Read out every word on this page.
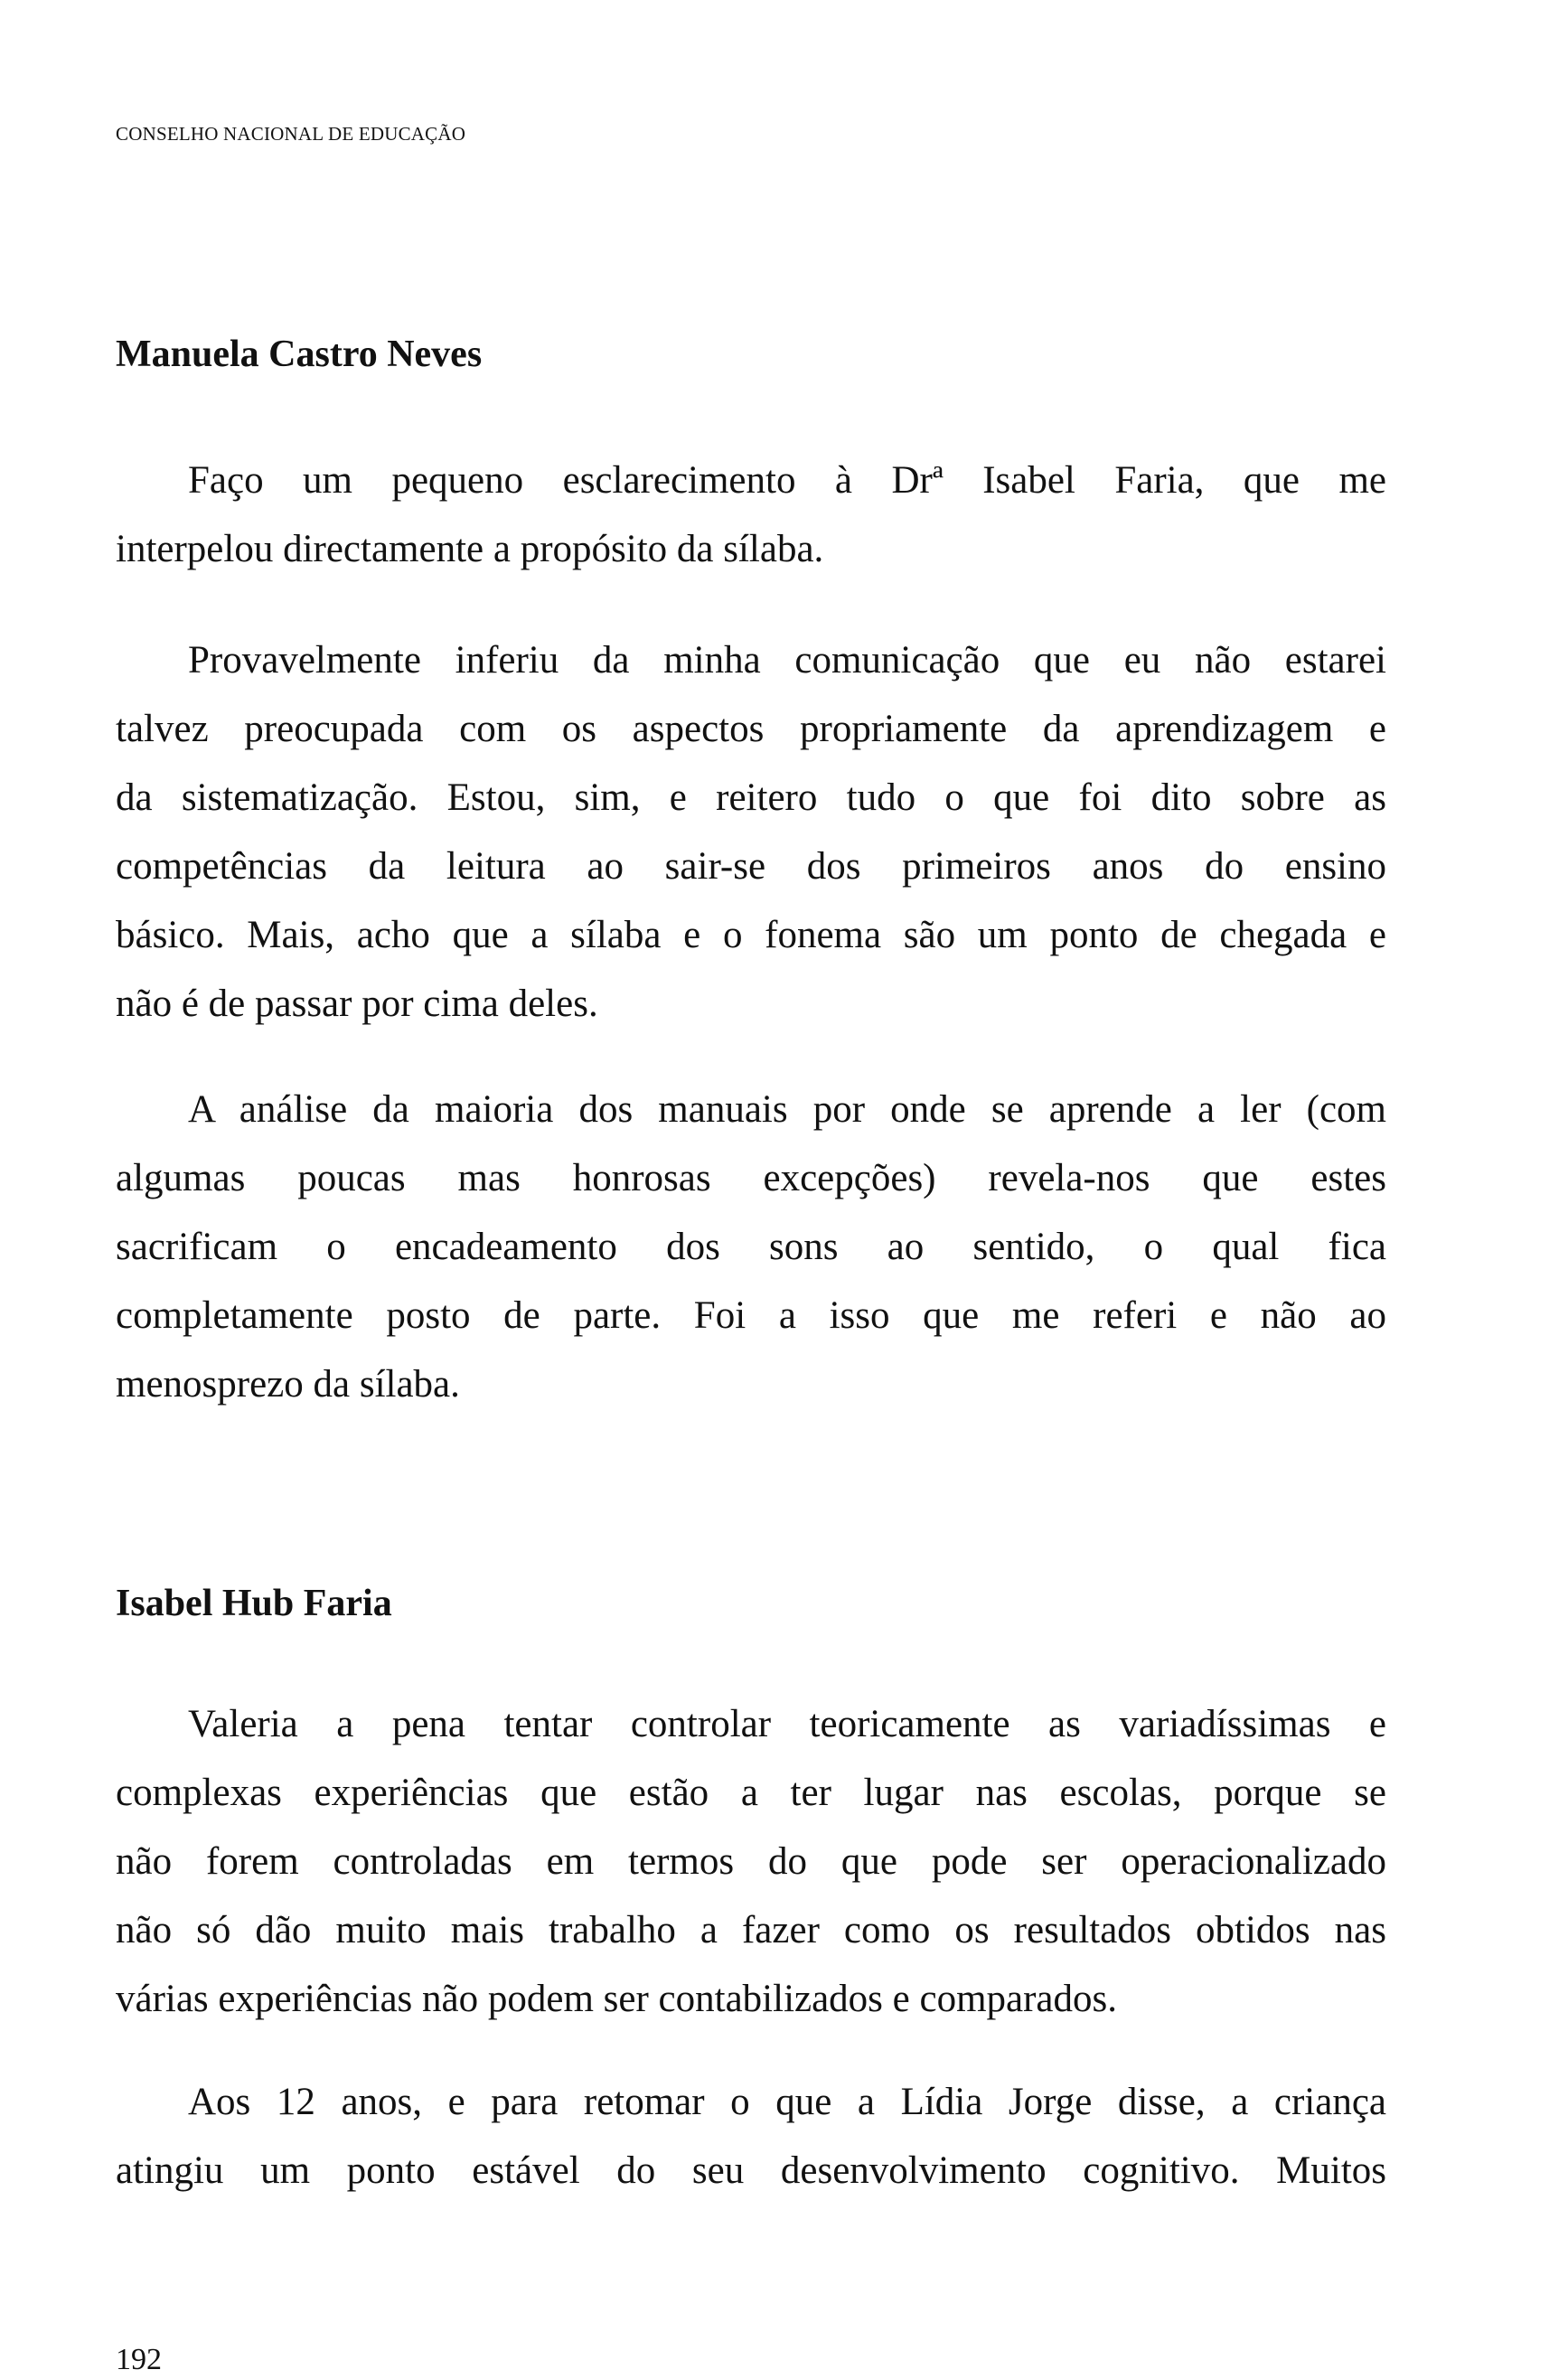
CONSELHO NACIONAL DE EDUCAÇÃO
Manuela Castro Neves
Faço um pequeno esclarecimento à Drª Isabel Faria, que me
interpelou directamente a propósito da sílaba.
Provavelmente inferiu da minha comunicação que eu não estarei
talvez preocupada com os aspectos propriamente da aprendizagem e
da sistematização. Estou, sim, e reitero tudo o que foi dito sobre as
competências da leitura ao sair-se dos primeiros anos do ensino
básico. Mais, acho que a sílaba e o fonema são um ponto de chegada e
não é de passar por cima deles.
A análise da maioria dos manuais por onde se aprende a ler (com
algumas poucas mas honrosas excepções) revela-nos que estes
sacrificam o encadeamento dos sons ao sentido, o qual fica
completamente posto de parte. Foi a isso que me referi e não ao
menosprezo da sílaba.
Isabel Hub Faria
Valeria a pena tentar controlar teoricamente as variadíssimas e
complexas experiências que estão a ter lugar nas escolas, porque se
não forem controladas em termos do que pode ser operacionalizado
não só dão muito mais trabalho a fazer como os resultados obtidos nas
várias experiências não podem ser contabilizados e comparados.
Aos 12 anos, e para retomar o que a Lídia Jorge disse, a criança
atingiu um ponto estável do seu desenvolvimento cognitivo. Muitos
192
